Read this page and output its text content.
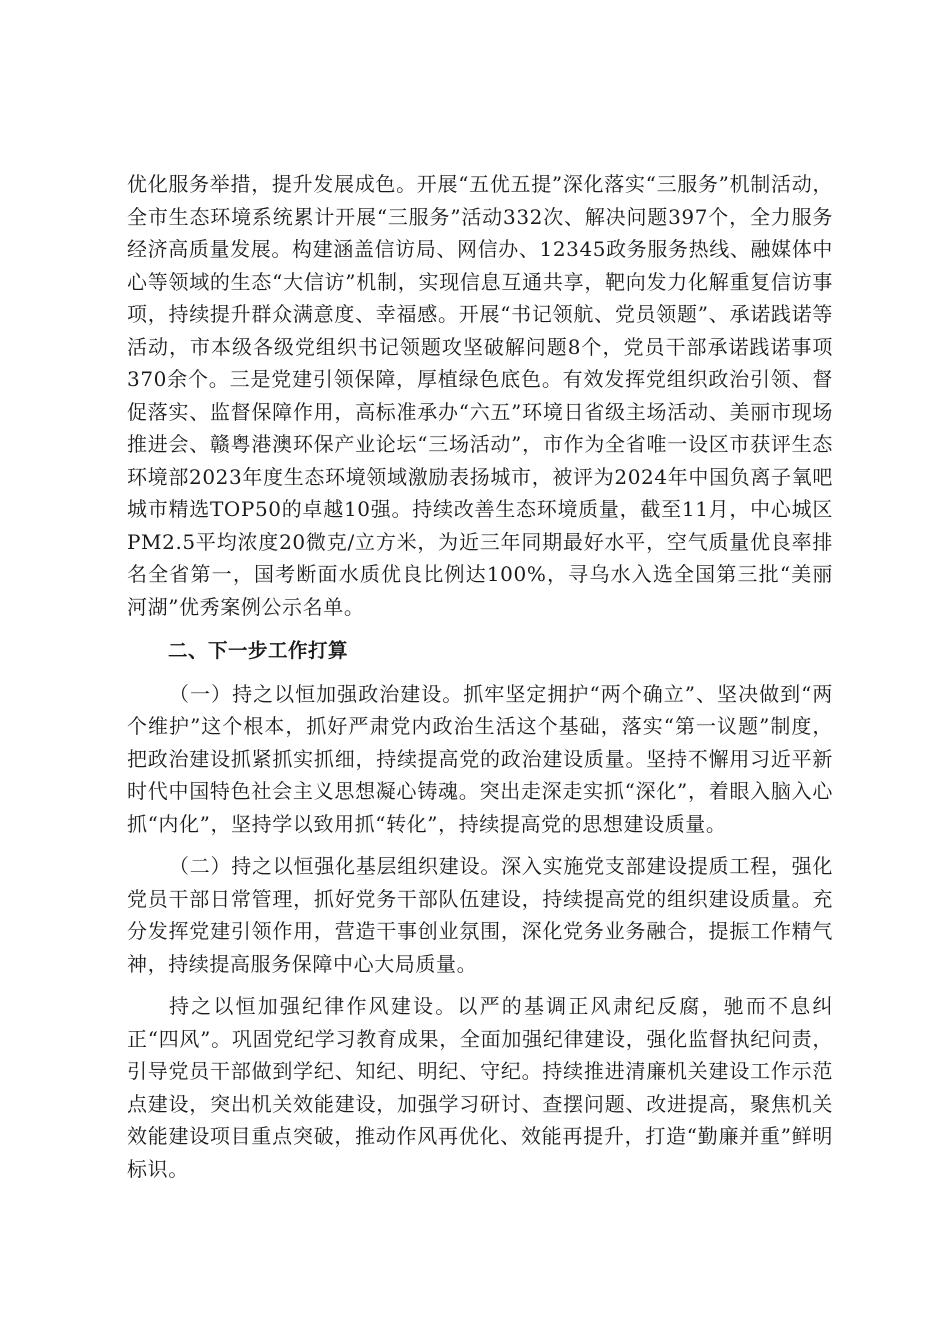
优化服务举措，提升发展成色。开展“五优五提”深化落实“三服务”机制活动，全市生态环境系统累计开展“三服务”活动332次、解决问题397个，全力服务经济高质量发展。构建涵盖信访局、网信办、12345政务服务热线、融媒体中心等领域的生态“大信访”机制，实现信息互通共享，靶向发力化解重复信访事项，持续提升群众满意度、幸福感。开展“书记领航、党员领题”、承诺践诺等活动，市本级各级党组织书记领题攻坚破解问题8个，党员干部承诺践诺事项370余个。三是党建引领保障，厚植绿色底色。有效发挥党组织政治引领、督促落实、监督保障作用，高标准承办“六五”环境日省级主场活动、美丽市现场推进会、赣粤港澳环保产业论坛“三场活动”，市作为全省唯一设区市获评生态环境部2023年度生态环境领域激励表扬城市，被评为2024年中国负离子氧吧城市精选TOP50的卓越10强。持续改善生态环境质量，截至11月，中心城区PM2.5平均浓度20微克/立方米，为近三年同期最好水平，空气质量优良率排名全省第一，国考断面水质优良比例达100%，寻乌水入选全国第三批“美丽河湖”优秀案例公示名单。

二、下一步工作打算

（一）持之以恒加强政治建设。抓牢坚定拥护“两个确立”、坚决做到“两个维护”这个根本，抓好严肃党内政治生活这个基础，落实“第一议题”制度，把政治建设抓紧抓实抓细，持续提高党的政治建设质量。坚持不懈用习近平新时代中国特色社会主义思想凝心铸魂。突出走深走实抓“深化”，着眼入脑入心抓“内化”，坚持学以致用抓“转化”，持续提高党的思想建设质量。

（二）持之以恒强化基层组织建设。深入实施党支部建设提质工程，强化党员干部日常管理，抓好党务干部队伍建设，持续提高党的组织建设质量。充分发挥党建引领作用，营造干事创业氛围，深化党务业务融合，提振工作精气神，持续提高服务保障中心大局质量。

持之以恒加强纪律作风建设。以严的基调正风肃纪反腐，驰而不息纠正“四风”。巩固党纪学习教育成果，全面加强纪律建设，强化监督执纪问责，引导党员干部做到学纪、知纪、明纪、守纪。持续推进清廉机关建设工作示范点建设，突出机关效能建设，加强学习研讨、查摆问题、改进提高，聚焦机关效能建设项目重点突破，推动作风再优化、效能再提升，打造“勤廉并重”鲜明标识。
